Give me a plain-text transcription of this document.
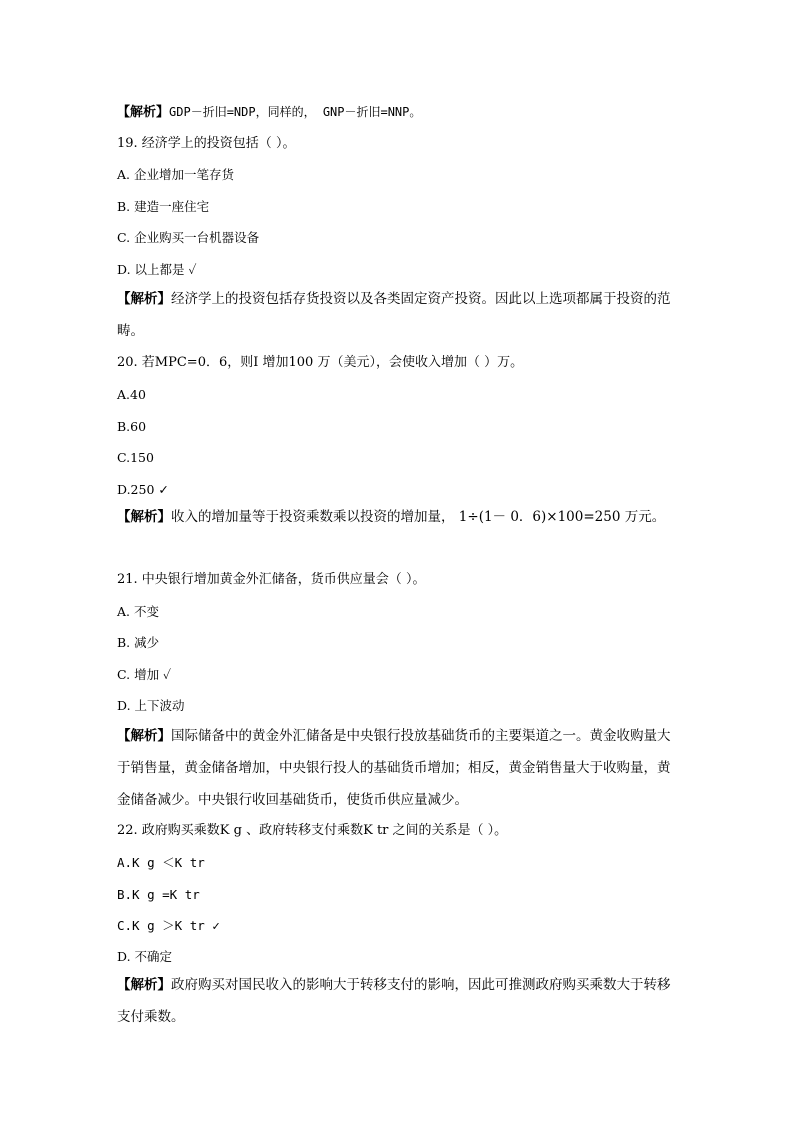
【解析】GDP－折旧=NDP，同样的， GNP－折旧=NNP。
19. 经济学上的投资包括（ ）。
A. 企业增加一笔存货
B. 建造一座住宅
C. 企业购买一台机器设备
D. 以上都是 ✓
【解析】经济学上的投资包括存货投资以及各类固定资产投资。因此以上选项都属于投资的范畴。
20. 若MPC=0．6，则I 增加100 万（美元），会使收入增加（ ）万。
A.40
B.60
C.150
D.250 ✓
【解析】收入的增加量等于投资乘数乘以投资的增加量， 1÷(1－ 0．6)×100=250 万元。
21. 中央银行增加黄金外汇储备，货币供应量会（ ）。
A. 不变
B. 减少
C. 增加 ✓
D. 上下波动
【解析】国际储备中的黄金外汇储备是中央银行投放基础货币的主要渠道之一。黄金收购量大于销售量，黄金储备增加，中央银行投人的基础货币增加；相反，黄金销售量大于收购量，黄金储备减少。中央银行收回基础货币，使货币供应量减少。
22. 政府购买乘数K g 、政府转移支付乘数K tr 之间的关系是（ ）。
A.K g ＜K tr
B.K g =K tr
C.K g ＞K tr ✓
D. 不确定
【解析】政府购买对国民收入的影响大于转移支付的影响，因此可推测政府购买乘数大于转移支付乘数。
